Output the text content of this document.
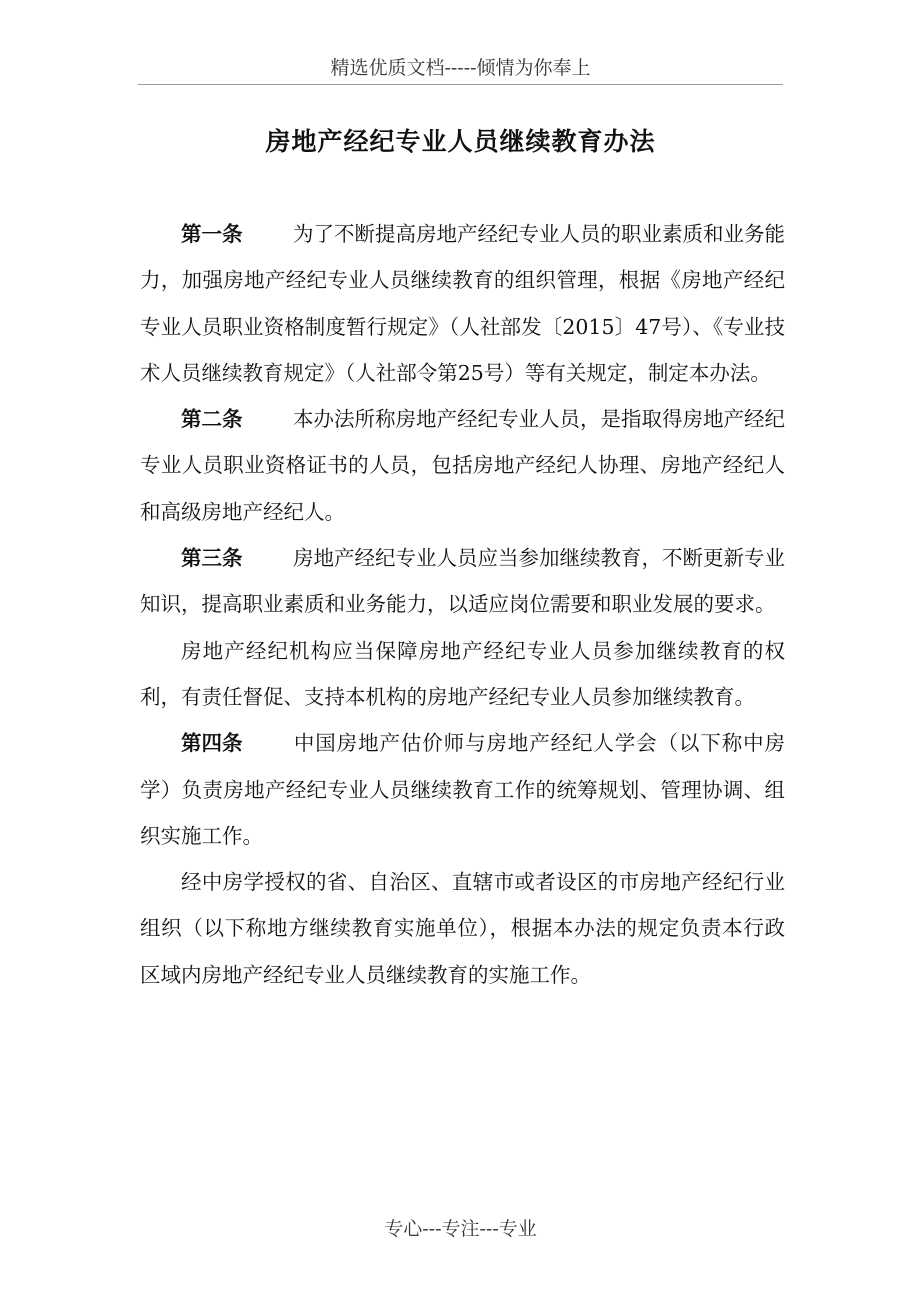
精选优质文档-----倾情为你奉上
房地产经纪专业人员继续教育办法

第一条 为了不断提高房地产经纪专业人员的职业素质和业务能力，加强房地产经纪专业人员继续教育的组织管理，根据《房地产经纪专业人员职业资格制度暂行规定》（人社部发〔2015〕47号）、《专业技术人员继续教育规定》（人社部令第25号）等有关规定，制定本办法。

第二条 本办法所称房地产经纪专业人员，是指取得房地产经纪专业人员职业资格证书的人员，包括房地产经纪人协理、房地产经纪人和高级房地产经纪人。

第三条 房地产经纪专业人员应当参加继续教育，不断更新专业知识，提高职业素质和业务能力，以适应岗位需要和职业发展的要求。

房地产经纪机构应当保障房地产经纪专业人员参加继续教育的权利，有责任督促、支持本机构的房地产经纪专业人员参加继续教育。

第四条 中国房地产估价师与房地产经纪人学会（以下称中房学）负责房地产经纪专业人员继续教育工作的统筹规划、管理协调、组织实施工作。

经中房学授权的省、自治区、直辖市或者设区的市房地产经纪行业组织（以下称地方继续教育实施单位），根据本办法的规定负责本行政区域内房地产经纪专业人员继续教育的实施工作。

专心---专注---专业
